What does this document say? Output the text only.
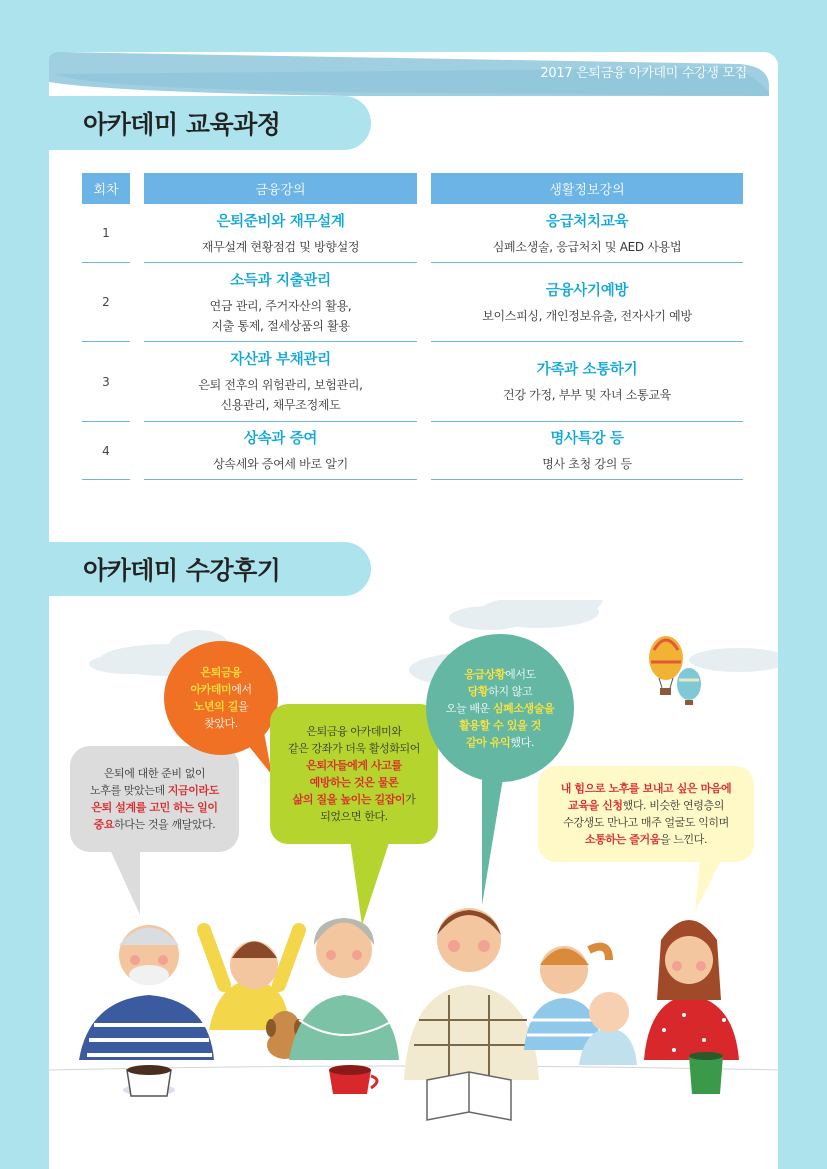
2017 은퇴금융 아카데미 수강생 모집
아카데미 교육과정
회차	금융강의	생활정보강의
1
은퇴준비와 재무설계
재무설계 현황점검 및 방향설정
응급처치교육
심폐소생술, 응급처치 및 AED 사용법
2
소득과 지출관리
연금 관리, 주거자산의 활용,
지출 통제, 절세상품의 활용
금융사기예방
보이스피싱, 개인정보유출, 전자사기 예방
3
자산과 부채관리
은퇴 전후의 위험관리, 보험관리,
신용관리, 채무조정제도
가족과 소통하기
건강 가정, 부부 및 자녀 소통교육
4
상속과 증여
상속세와 증여세 바로 알기
명사특강 등
명사 초청 강의 등
아카데미 수강후기
은퇴에 대한 준비 없이
노후를 맞았는데 지금이라도
은퇴 설계를 고민 하는 일이
중요하다는 것을 깨달았다.
은퇴금융
아카데미에서
노년의 길을
찾았다.
은퇴금융 아카데미와
같은 강좌가 더욱 활성화되어
은퇴자들에게 사고를
예방하는 것은 물론
삶의 질을 높이는 길잡이가
되었으면 한다.
응급상황에서도
당황하지 않고
오늘 배운 심폐소생술을
활용할 수 있을 것
같아 유익했다.
내 힘으로 노후를 보내고 싶은 마음에
교육을 신청했다. 비슷한 연령층의
수강생도 만나고 매주 얼굴도 익히며
소통하는 즐거움을 느낀다.
